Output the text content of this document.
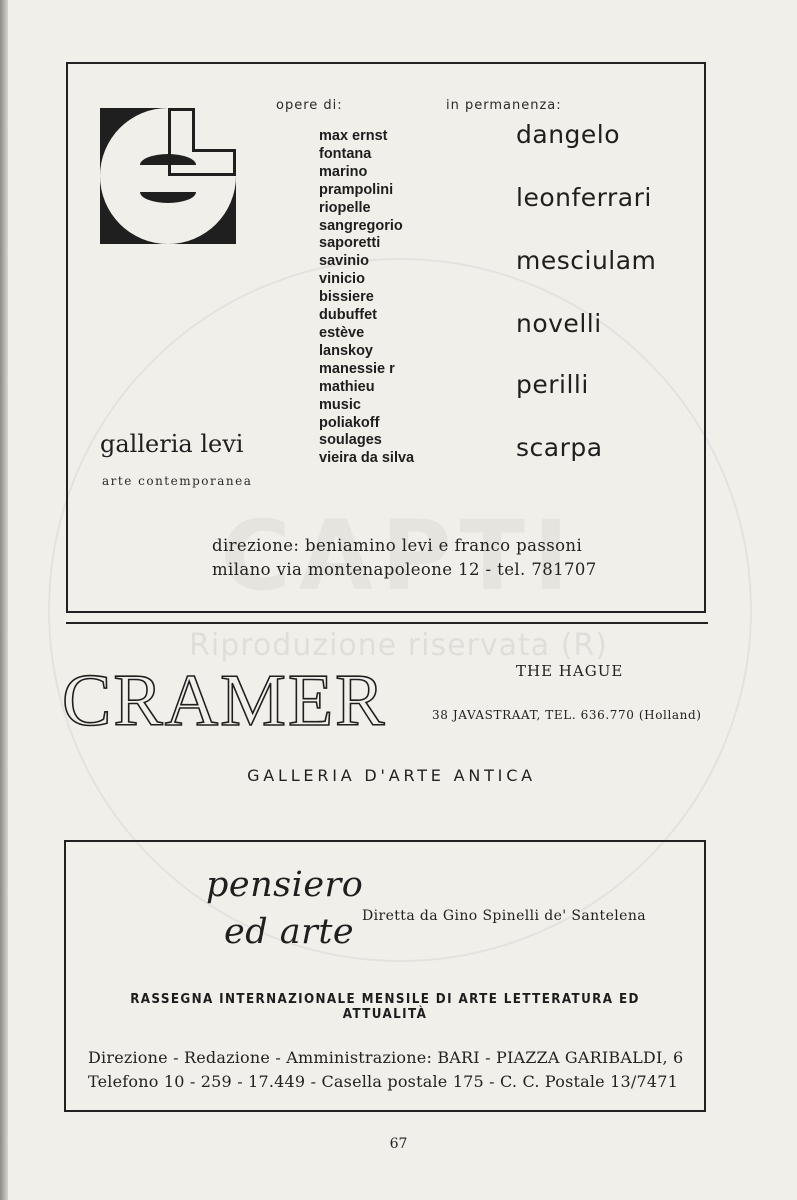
Riproduzione riservata (R)
opere di:	in permanenza:
max ernst
fontana
marino
prampolini
riopelle
sangregorio
saporetti
savinio
vinicio
bissiere
dubuffet
estève
lanskoy
manessie r
mathieu
music
poliakoff
soulages
vieira da silva
dangelo
leonferrari
mesciulam
novelli
perilli
scarpa
galleria levi
arte contemporanea
direzione: beniamino levi e franco passoni
milano via montenapoleone 12 - tel. 781707
CRAMER	THE HAGUE
38 JAVASTRAAT, TEL. 636.770 (Holland)
GALLERIA D'ARTE ANTICA
pensiero
ed arte Diretta da Gino Spinelli de' Santelena
RASSEGNA INTERNAZIONALE MENSILE DI ARTE LETTERATURA ED ATTUALITÀ
Direzione - Redazione - Amministrazione: BARI - PIAZZA GARIBALDI, 6
Telefono 10 - 259 - 17.449 - Casella postale 175 - C. C. Postale 13/7471
67
